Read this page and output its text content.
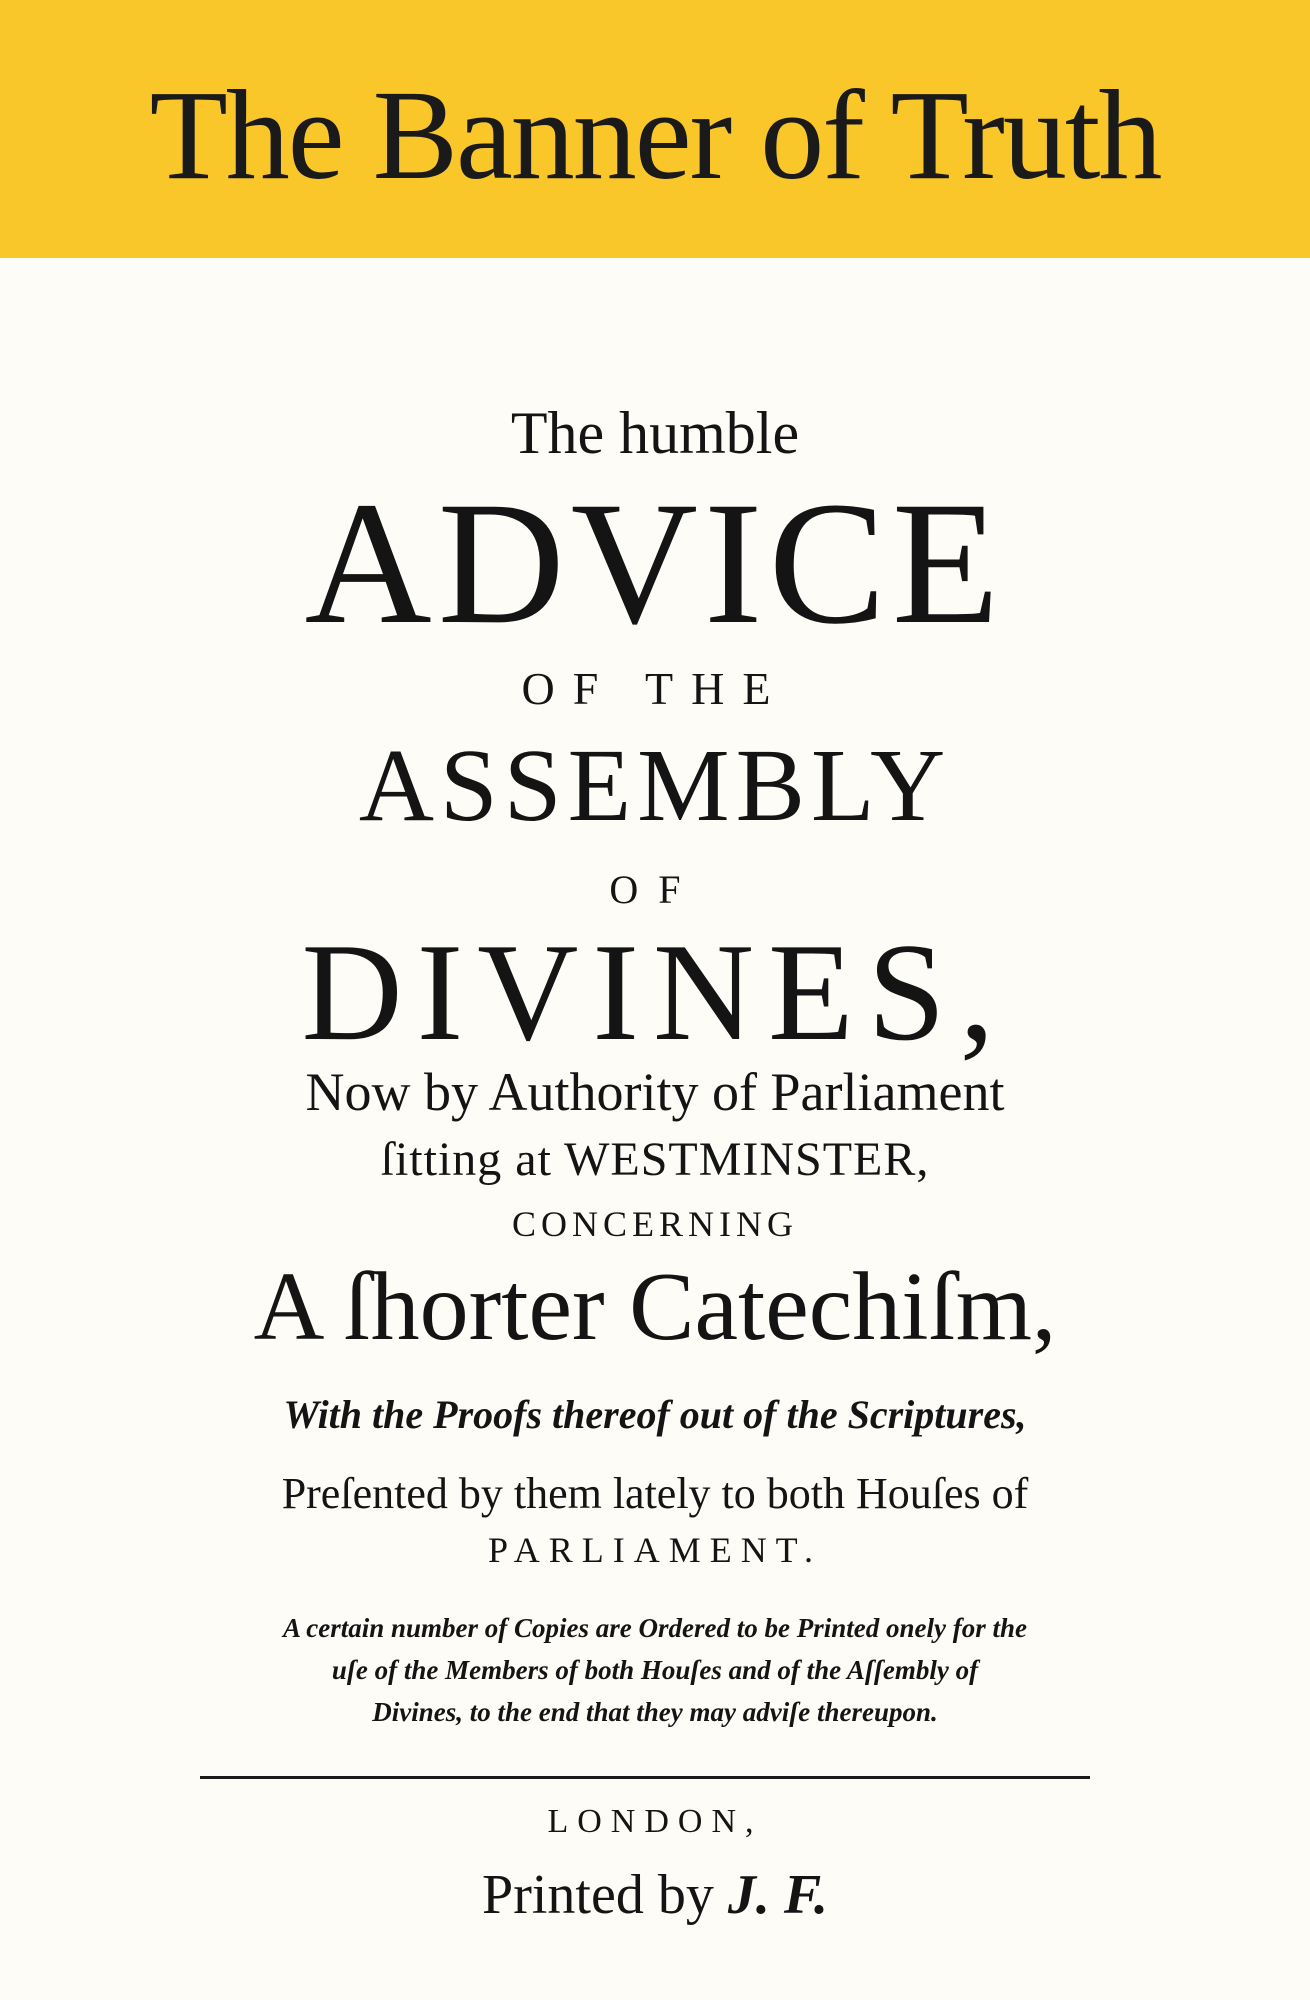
The Banner of Truth
The humble
ADVICE
OF THE
ASSEMBLY
OF
DIVINES,
Now by Authority of Parliament
ſitting at WESTMINSTER,
CONCERNING
A ſhorter Catechiſm,
With the Proofs thereof out of the Scriptures,
Preſented by them lately to both Houſes of
PARLIAMENT.
A certain number of Copies are Ordered to be Printed onely for the
uſe of the Members of both Houſes and of the Aſſembly of
Divines, to the end that they may adviſe thereupon.
LONDON,
Printed by J. F.
